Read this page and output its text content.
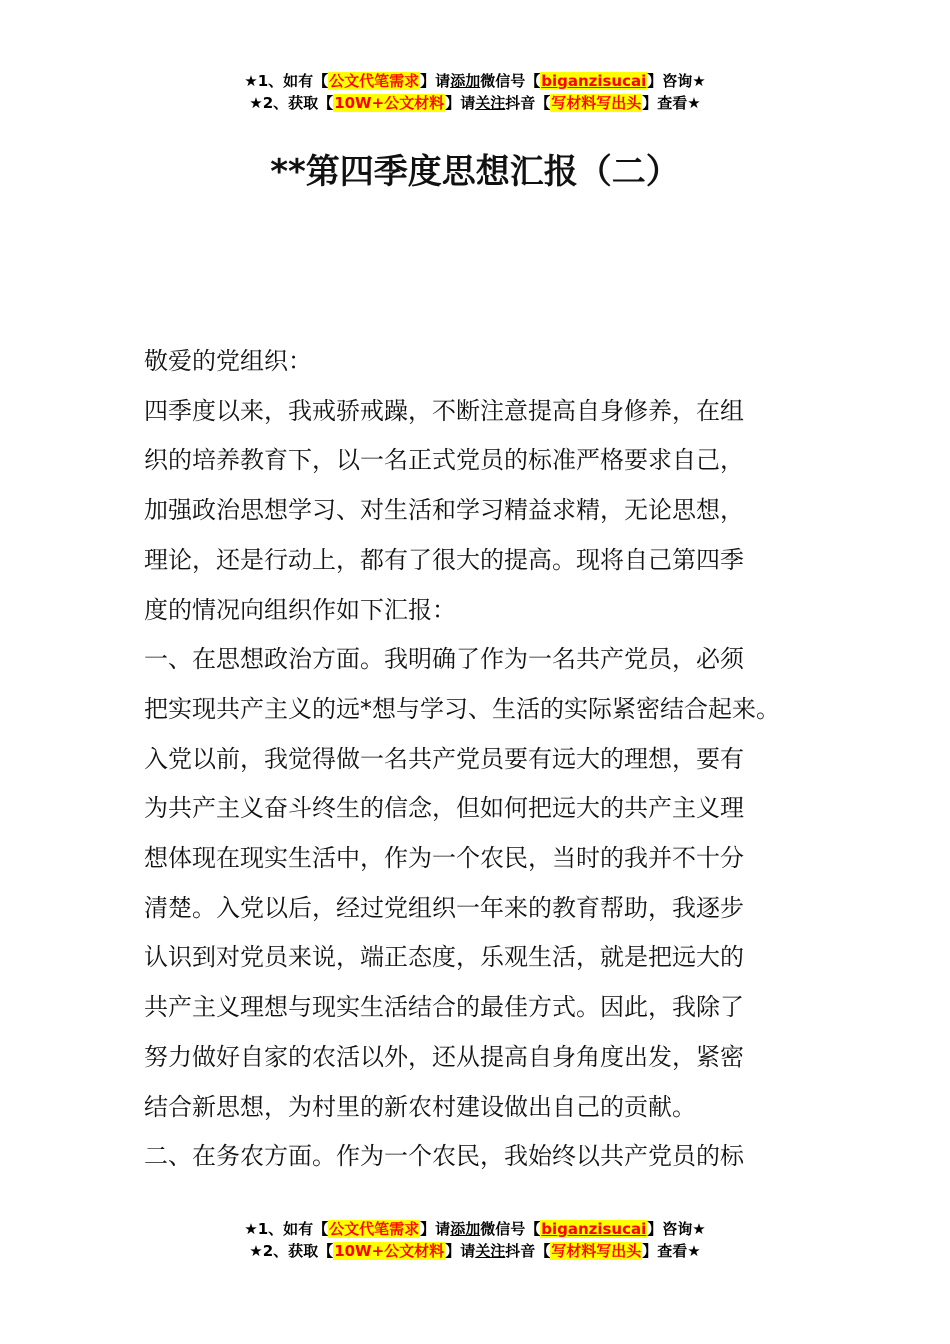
★1、如有【公文代笔需求】请添加微信号【biganzisucai】咨询★
★2、获取【10W+公文材料】请关注抖音【写材料写出头】查看★
**第四季度思想汇报（二）

敬爱的党组织：

四季度以来，我戒骄戒躁，不断注意提高自身修养，在组

织的培养教育下，以一名正式党员的标准严格要求自己，

加强政治思想学习、对生活和学习精益求精，无论思想，

理论，还是行动上，都有了很大的提高。现将自己第四季

度的情况向组织作如下汇报：

一、在思想政治方面。我明确了作为一名共产党员，必须

把实现共产主义的远*想与学习、生活的实际紧密结合起来。

入党以前，我觉得做一名共产党员要有远大的理想，要有

为共产主义奋斗终生的信念，但如何把远大的共产主义理

想体现在现实生活中，作为一个农民，当时的我并不十分

清楚。入党以后，经过党组织一年来的教育帮助，我逐步

认识到对党员来说，端正态度，乐观生活，就是把远大的

共产主义理想与现实生活结合的最佳方式。因此，我除了

努力做好自家的农活以外，还从提高自身角度出发，紧密

结合新思想，为村里的新农村建设做出自己的贡献。

二、在务农方面。作为一个农民，我始终以共产党员的标

★1、如有【公文代笔需求】请添加微信号【biganzisucai】咨询★
★2、获取【10W+公文材料】请关注抖音【写材料写出头】查看★
